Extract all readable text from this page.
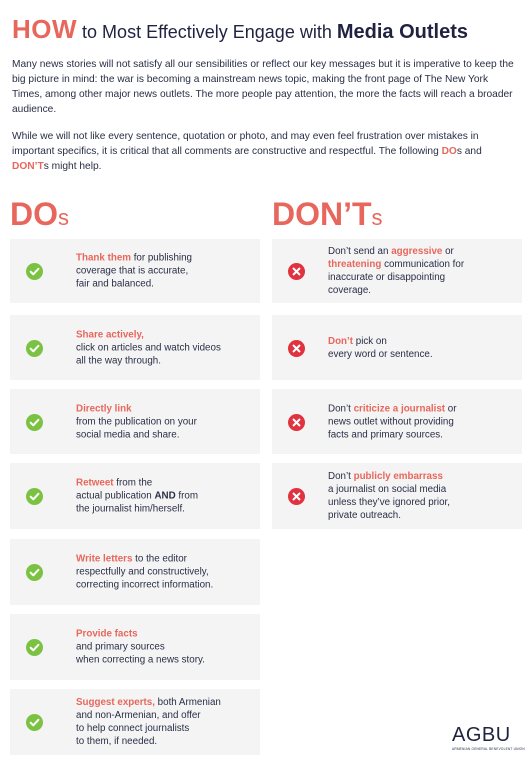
HOW to Most Effectively Engage with Media Outlets

Many news stories will not satisfy all our sensibilities or reflect our key messages but it is imperative to keep the big picture in mind: the war is becoming a mainstream news topic, making the front page of The New York Times, among other major news outlets. The more people pay attention, the more the facts will reach a broader audience.

While we will not like every sentence, quotation or photo, and may even feel frustration over mistakes in important specifics, it is critical that all comments are constructive and respectful. The following DOs and DON’Ts might help.

DOs	DON’Ts
Thank them for publishing
coverage that is accurate,
fair and balanced.
Share actively,
click on articles and watch videos
all the way through.
Directly link
from the publication on your
social media and share.
Retweet from the
actual publication AND from
the journalist him/herself.
Write letters to the editor
respectfully and constructively,
correcting incorrect information.
Provide facts
and primary sources
when correcting a news story.
Suggest experts, both Armenian
and non-Armenian, and offer
to help connect journalists
to them, if needed.
Don’t send an aggressive or
threatening communication for
inaccurate or disappointing
coverage.
Don’t pick on
every word or sentence.
Don’t criticize a journalist or
news outlet without providing
facts and primary sources.
Don’t publicly embarrass
a journalist on social media
unless they’ve ignored prior,
private outreach.
AGBU
ARMENIAN GENERAL BENEVOLENT UNION
